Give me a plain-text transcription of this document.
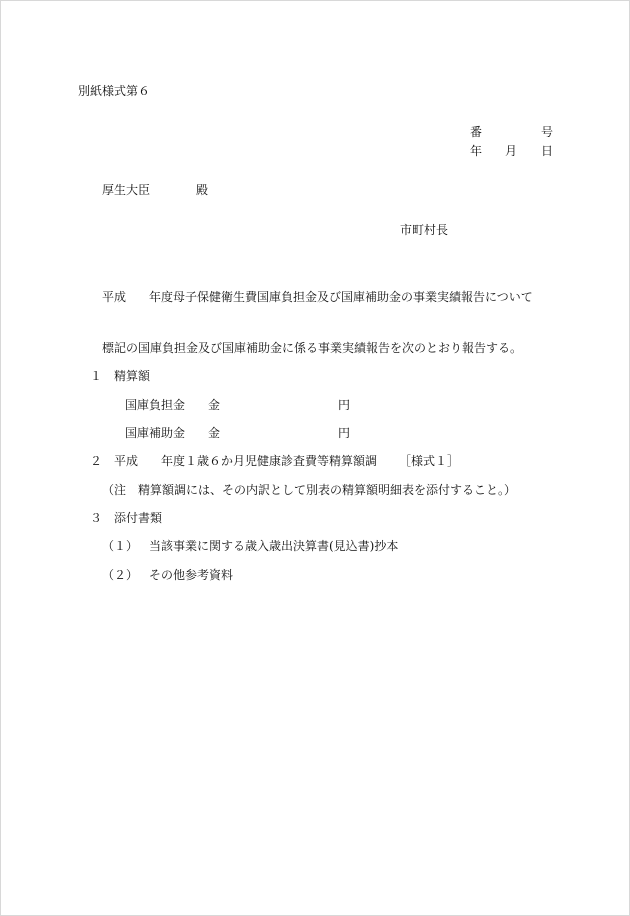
別紙様式第６
番	号
年 月 日
厚生大臣	殿
市町村長
平成 年度母子保健衛生費国庫負担金及び国庫補助金の事業実績報告について
標記の国庫負担金及び国庫補助金に係る事業実績報告を次のとおり報告する。
１ 精算額
国庫負担金 金	円
国庫補助金 金	円
２ 平成 年度１歳６か月児健康診査費等精算額調 ［様式１］
（注　精算額調には、その内訳として別表の精算額明細表を添付すること。）
３ 添付書類
（１） 当該事業に関する歳入歳出決算書(見込書)抄本
（２） その他参考資料
